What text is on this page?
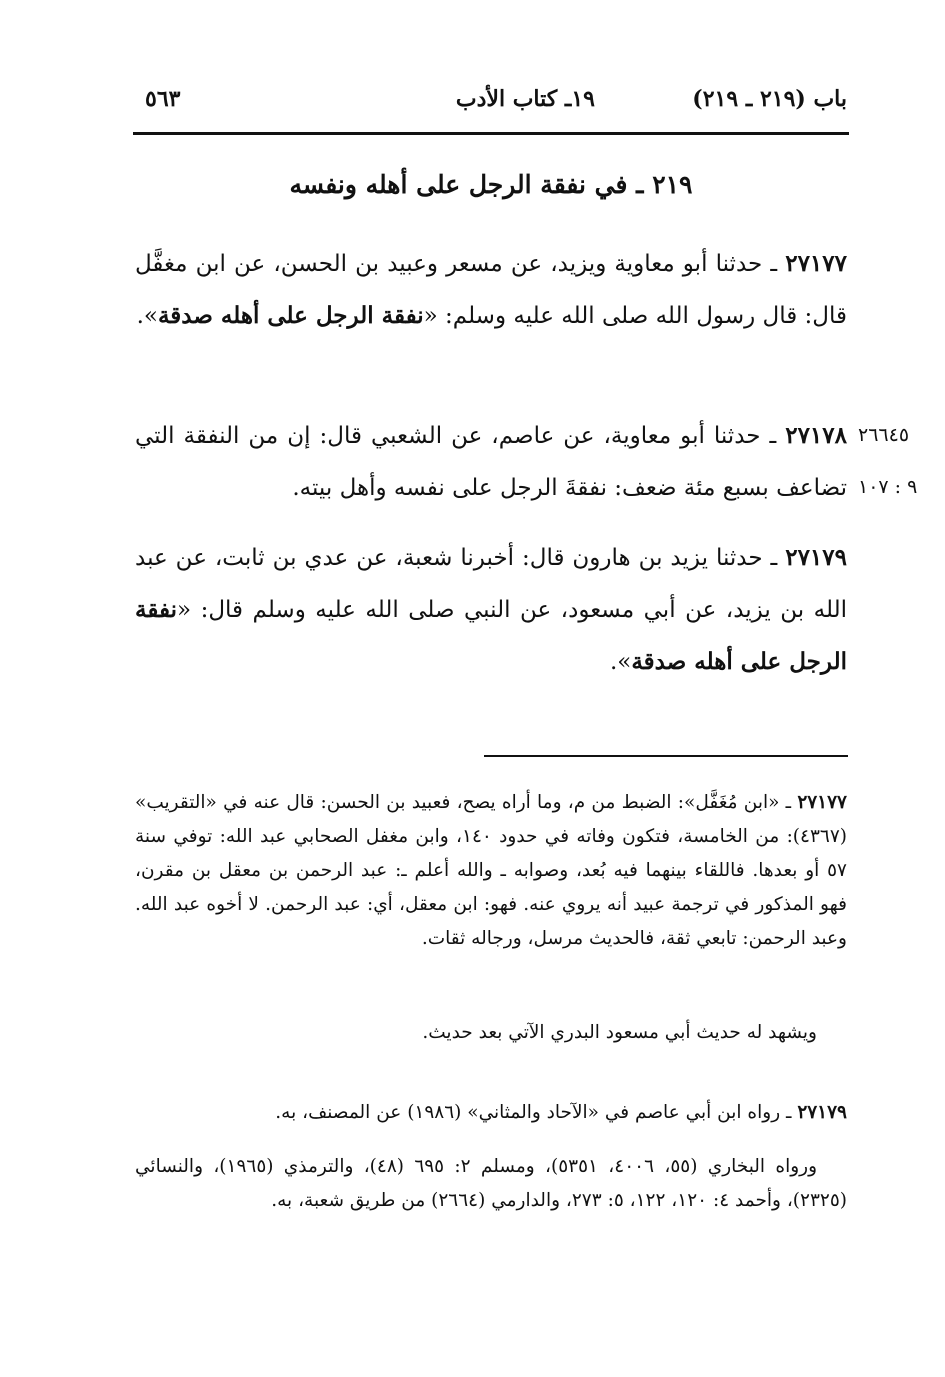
باب (٢١٩ ـ ٢١٩)
١٩ـ كتاب الأدب
٥٦٣
٢١٩ ـ في نفقة الرجل على أهله ونفسه
٢٧١٧٧ ـ حدثنا أبو معاوية ويزيد، عن مسعر وعبيد بن الحسن، عن ابن مغفَّل قال: قال رسول الله صلى الله عليه وسلم: «نفقة الرجل على أهله صدقة».
٢٧١٧٨ ـ حدثنا أبو معاوية، عن عاصم، عن الشعبي قال: إن من النفقة التي تضاعف بسبع مئة ضعف: نفقةَ الرجل على نفسه وأهل بيته.
٢٦٦٤٥
٩ : ١٠٧
٢٧١٧٩ ـ حدثنا يزيد بن هارون قال: أخبرنا شعبة، عن عدي بن ثابت، عن عبد الله بن يزيد، عن أبي مسعود، عن النبي صلى الله عليه وسلم قال: «نفقة الرجل على أهله صدقة».
٢٧١٧٧ ـ «ابن مُغَفَّل»: الضبط من م، وما أراه يصح، فعبيد بن الحسن: قال عنه في «التقريب» (٤٣٦٧): من الخامسة، فتكون وفاته في حدود ١٤٠، وابن مغفل الصحابي عبد الله: توفي سنة ٥٧ أو بعدها. فاللقاء بينهما فيه بُعد، وصوابه ـ والله أعلم ـ: عبد الرحمن بن معقل بن مقرن، فهو المذكور في ترجمة عبيد أنه يروي عنه. فهو: ابن معقل، أي: عبد الرحمن. لا أخوه عبد الله. وعبد الرحمن: تابعي ثقة، فالحديث مرسل، ورجاله ثقات.
ويشهد له حديث أبي مسعود البدري الآتي بعد حديث.
٢٧١٧٩ ـ رواه ابن أبي عاصم في «الآحاد والمثاني» (١٩٨٦) عن المصنف، به.
ورواه البخاري (٥٥، ٤٠٠٦، ٥٣٥١)، ومسلم ٢: ٦٩٥ (٤٨)، والترمذي (١٩٦٥)، والنسائي (٢٣٢٥)، وأحمد ٤: ١٢٠، ١٢٢، ٥: ٢٧٣، والدارمي (٢٦٦٤) من طريق شعبة، به.
